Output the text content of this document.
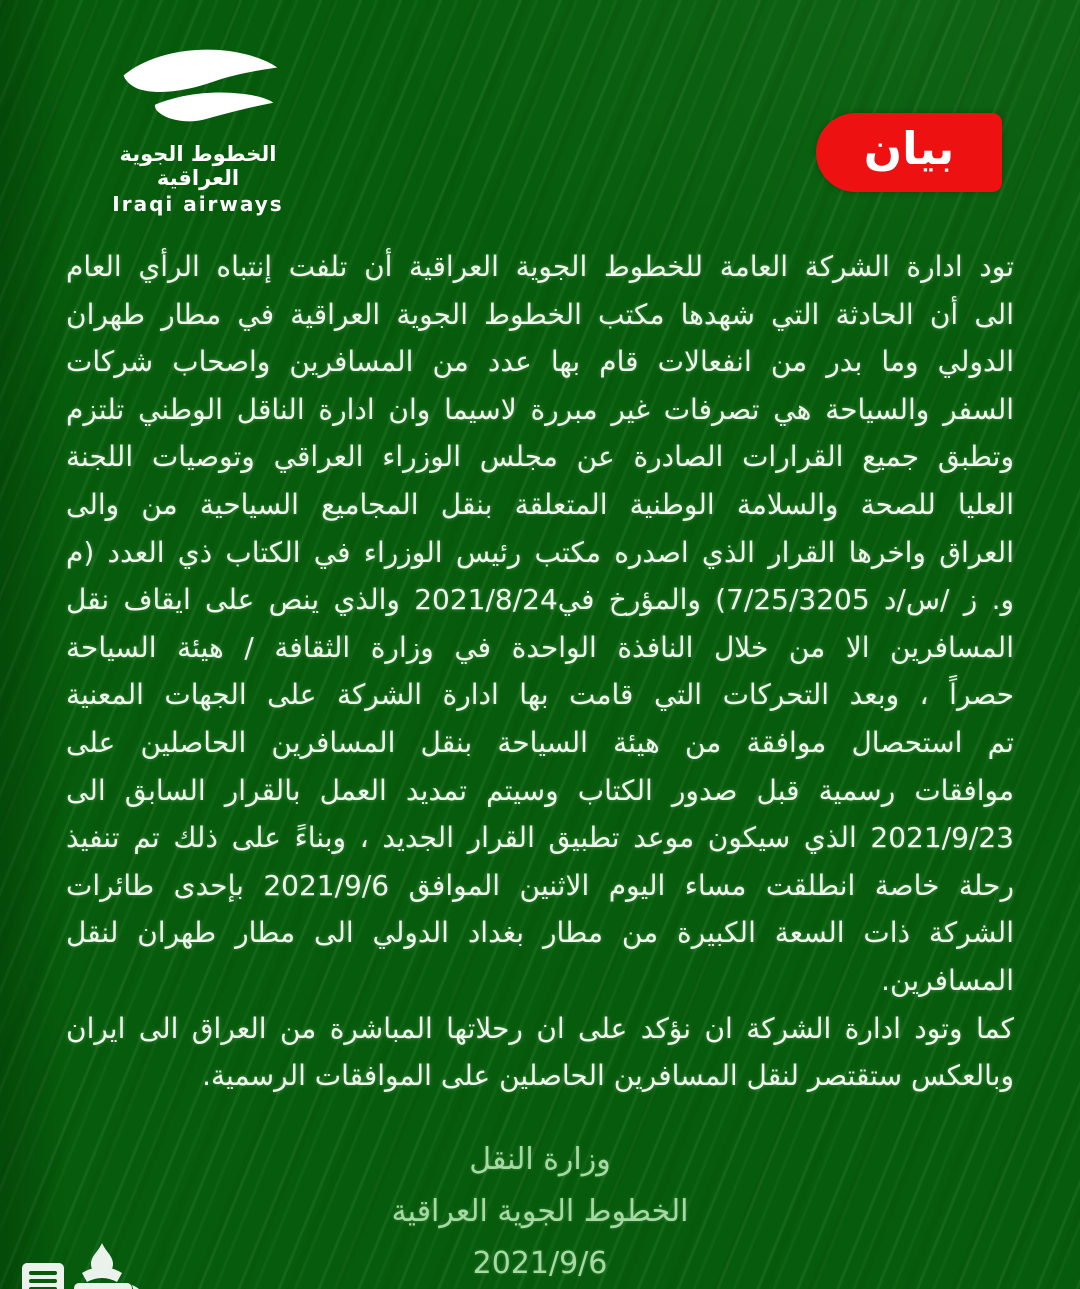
الخطوط الجوية العراقية
Iraqi airways
بيان
تود ادارة الشركة العامة للخطوط الجوية العراقية أن تلفت إنتباه الرأي العام
الى أن الحادثة التي شهدها مكتب الخطوط الجوية العراقية في مطار طهران
الدولي وما بدر من انفعالات قام بها عدد من المسافرين واصحاب شركات
السفر والسياحة هي تصرفات غير مبررة لاسيما وان ادارة الناقل الوطني تلتزم
وتطبق جميع القرارات الصادرة عن مجلس الوزراء العراقي وتوصيات اللجنة
العليا للصحة والسلامة الوطنية المتعلقة بنقل المجاميع السياحية من والى
العراق واخرها القرار الذي اصدره مكتب رئيس الوزراء في الكتاب ذي العدد (م
و. ز /س/د 7/25/3205) والمؤرخ في2021/8/24 والذي ينص على ايقاف نقل
المسافرين الا من خلال النافذة الواحدة في وزارة الثقافة / هيئة السياحة
حصراً ، وبعد التحركات التي قامت بها ادارة الشركة على الجهات المعنية
تم استحصال موافقة من هيئة السياحة بنقل المسافرين الحاصلين على
موافقات رسمية قبل صدور الكتاب وسيتم تمديد العمل بالقرار السابق الى
2021/9/23 الذي سيكون موعد تطبيق القرار الجديد ، وبناءً على ذلك تم تنفيذ
رحلة خاصة انطلقت مساء اليوم الاثنين الموافق 2021/9/6 بإحدى طائرات
الشركة ذات السعة الكبيرة من مطار بغداد الدولي الى مطار طهران لنقل
المسافرين.
كما وتود ادارة الشركة ان نؤكد على ان رحلاتها المباشرة من العراق الى ايران
وبالعكس ستقتصر لنقل المسافرين الحاصلين على الموافقات الرسمية.
وزارة النقل
الخطوط الجوية العراقية
2021/9/6
